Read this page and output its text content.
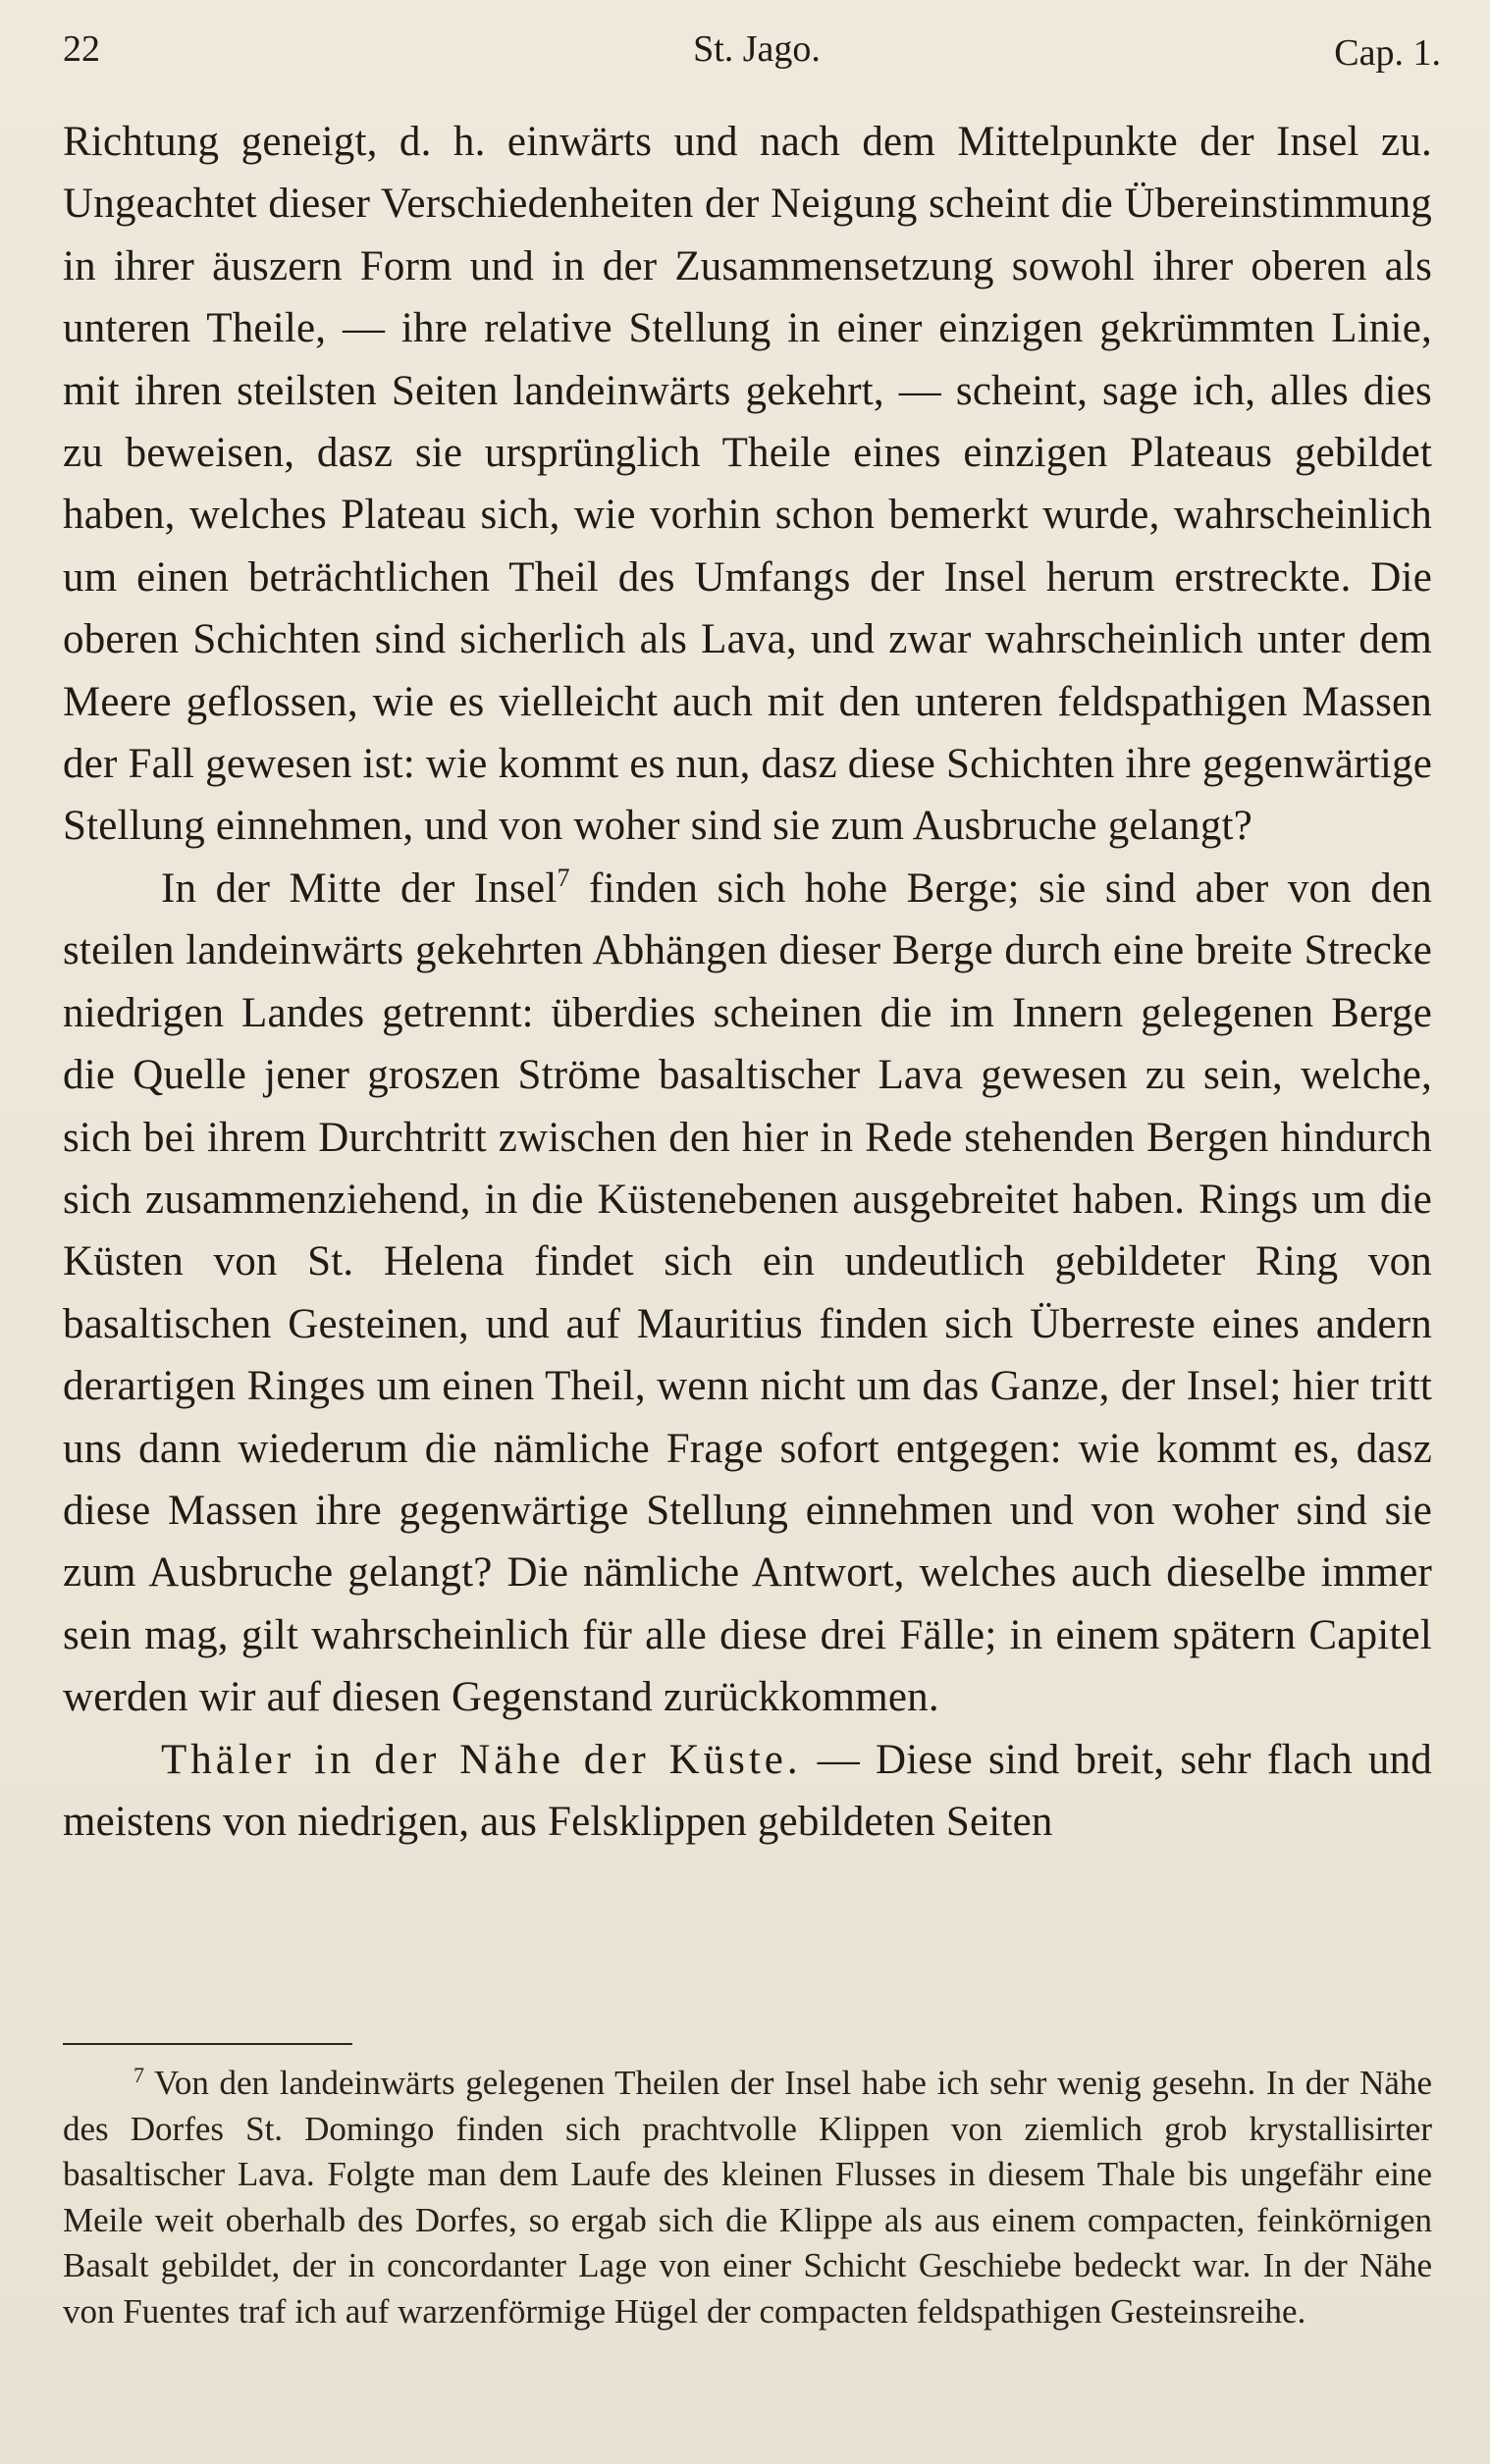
22	St. Jago.	Cap. 1.

Richtung geneigt, d. h. einwärts und nach dem Mittelpunkte der Insel zu. Ungeachtet dieser Verschiedenheiten der Neigung scheint die Übereinstimmung in ihrer äuszern Form und in der Zusammensetzung sowohl ihrer oberen als unteren Theile, — ihre relative Stellung in einer einzigen gekrümmten Linie, mit ihren steilsten Seiten landeinwärts gekehrt, — scheint, sage ich, alles dies zu beweisen, dasz sie ursprünglich Theile eines einzigen Plateaus gebildet haben, welches Plateau sich, wie vorhin schon bemerkt wurde, wahrscheinlich um einen beträchtlichen Theil des Umfangs der Insel herum erstreckte. Die oberen Schichten sind sicherlich als Lava, und zwar wahrscheinlich unter dem Meere geflossen, wie es vielleicht auch mit den unteren feldspathigen Massen der Fall gewesen ist: wie kommt es nun, dasz diese Schichten ihre gegenwärtige Stellung einnehmen, und von woher sind sie zum Ausbruche gelangt?

In der Mitte der Insel$^7$ finden sich hohe Berge; sie sind aber von den steilen landeinwärts gekehrten Abhängen dieser Berge durch eine breite Strecke niedrigen Landes getrennt: überdies scheinen die im Innern gelegenen Berge die Quelle jener groszen Ströme basaltischer Lava gewesen zu sein, welche, sich bei ihrem Durchtritt zwischen den hier in Rede stehenden Bergen hindurch sich zusammenziehend, in die Küstenebenen ausgebreitet haben. Rings um die Küsten von St. Helena findet sich ein undeutlich gebildeter Ring von basaltischen Gesteinen, und auf Mauritius finden sich Überreste eines andern derartigen Ringes um einen Theil, wenn nicht um das Ganze, der Insel; hier tritt uns dann wiederum die nämliche Frage sofort entgegen: wie kommt es, dasz diese Massen ihre gegenwärtige Stellung einnehmen und von woher sind sie zum Ausbruche gelangt? Die nämliche Antwort, welches auch dieselbe immer sein mag, gilt wahrscheinlich für alle diese drei Fälle; in einem spätern Capitel werden wir auf diesen Gegenstand zurückkommen.

Thäler in der Nähe der Küste. — Diese sind breit, sehr flach und meistens von niedrigen, aus Felsklippen gebildeten Seiten

$^7$ Von den landeinwärts gelegenen Theilen der Insel habe ich sehr wenig gesehn. In der Nähe des Dorfes St. Domingo finden sich prachtvolle Klippen von ziemlich grob krystallisirter basaltischer Lava. Folgte man dem Laufe des kleinen Flusses in diesem Thale bis ungefähr eine Meile weit oberhalb des Dorfes, so ergab sich die Klippe als aus einem compacten, feinkörnigen Basalt gebildet, der in concordanter Lage von einer Schicht Geschiebe bedeckt war. In der Nähe von Fuentes traf ich auf warzenförmige Hügel der compacten feldspathigen Gesteinsreihe.
